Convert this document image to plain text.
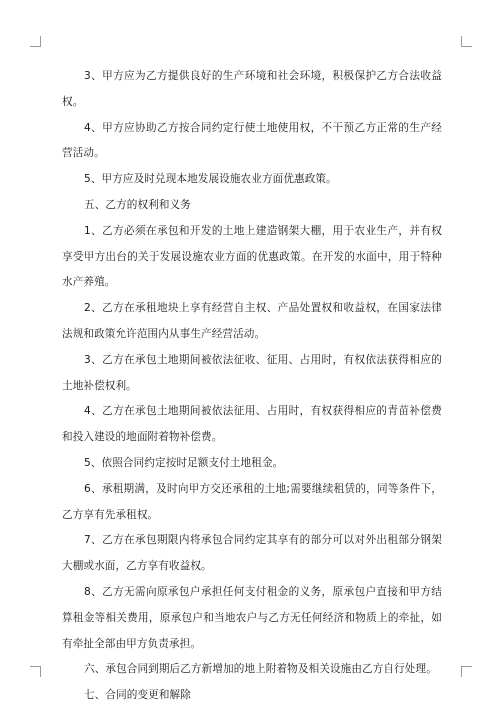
3、甲方应为乙方提供良好的生产环境和社会环境，积极保护乙方合法收益权。

4、甲方应协助乙方按合同约定行使土地使用权，不干预乙方正常的生产经营活动。

5、甲方应及时兑现本地发展设施农业方面优惠政策。

五、乙方的权利和义务

1、乙方必须在承包和开发的土地上建造钢架大棚，用于农业生产，并有权享受甲方出台的关于发展设施农业方面的优惠政策。在开发的水面中，用于特种水产养殖。

2、乙方在承租地块上享有经营自主权、产品处置权和收益权，在国家法律法规和政策允许范围内从事生产经营活动。

3、乙方在承包土地期间被依法征收、征用、占用时，有权依法获得相应的土地补偿权利。

4、乙方在承包土地期间被依法征用、占用时，有权获得相应的青苗补偿费和投入建设的地面附着物补偿费。

5、依照合同约定按时足额支付土地租金。

6、承租期满，及时向甲方交还承租的土地;需要继续租赁的，同等条件下，乙方享有先承租权。

7、乙方在承包期限内将承包合同约定其享有的部分可以对外出租部分钢架大棚或水面，乙方享有收益权。

8、乙方无需向原承包户承担任何支付租金的义务，原承包户直接和甲方结算租金等相关费用，原承包户和当地农户与乙方无任何经济和物质上的牵扯，如有牵扯全部由甲方负责承担。

六、承包合同到期后乙方新增加的地上附着物及相关设施由乙方自行处理。

七、合同的变更和解除
